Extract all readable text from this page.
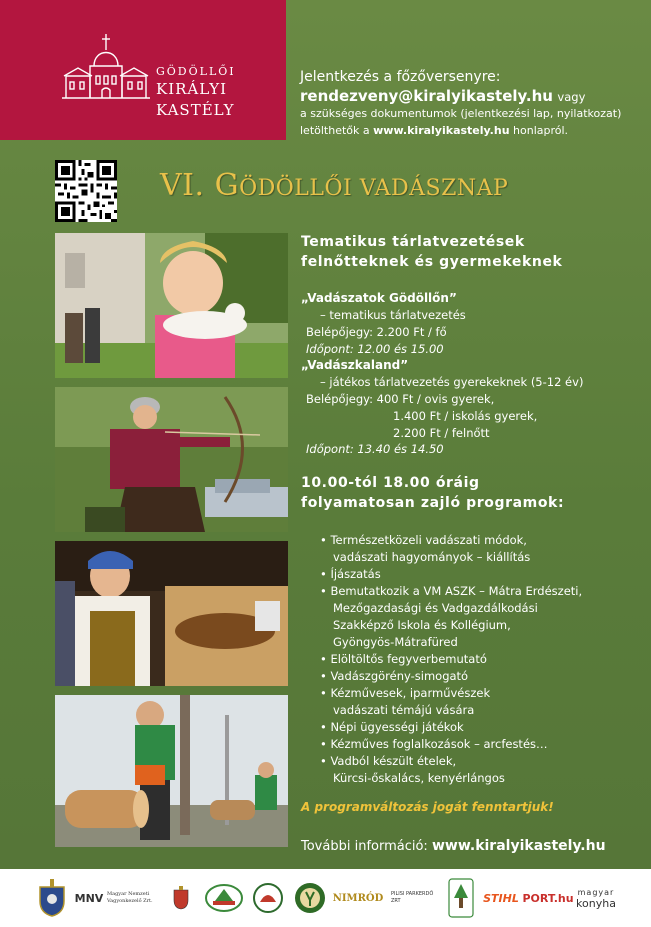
GÖDÖLLŐI
KIRÁLYI
KASTÉLY
Jelentkezés a főzőversenyre:
rendezveny@kiralyikastely.hu vagy
a szükséges dokumentumok (jelentkezési lap, nyilatkozat)
letölthetők a www.kiralyikastely.hu honlapról.
VI. GÖDÖLLŐI VADÁSZNAP
Tematikus tárlatvezetések
felnőtteknek és gyermekeknek
„Vadászatok Gödöllőn”
– tematikus tárlatvezetés
Belépőjegy: 2.200 Ft / fő
Időpont: 12.00 és 15.00
„Vadászkaland”
– játékos tárlatvezetés gyerekeknek (5-12 év)
Belépőjegy: 400 Ft / ovis gyerek,
1.400 Ft / iskolás gyerek,
2.200 Ft / felnőtt
Időpont: 13.40 és 14.50
10.00-tól 18.00 óráig
folyamatosan zajló programok:
• Természetközeli vadászati módok,
vadászati hagyományok – kiállítás
• Íjászatás
• Bemutatkozik a VM ASZK – Mátra Erdészeti,
Mezőgazdasági és Vadgazdálkodási
Szakképző Iskola és Kollégium,
Gyöngyös-Mátrafüred
• Elöltöltős fegyverbemutató
• Vadászgörény-simogató
• Kézművesek, iparművészek
vadászati témájú vására
• Népi ügyességi játékok
• Kézműves foglalkozások – arcfestés…
• Vadból készült ételek,
Kürcsi-őskalács, kenyérlángos
A programváltozás jogát fenntartjuk!
További információ: www.kiralyikastely.hu
MNV Magyar Nemzeti Vagyonkezelő Zrt.	NIMRÓD PILISI PARKERDŐ ZRT	STIHL PORT.hu magyar
konyha
